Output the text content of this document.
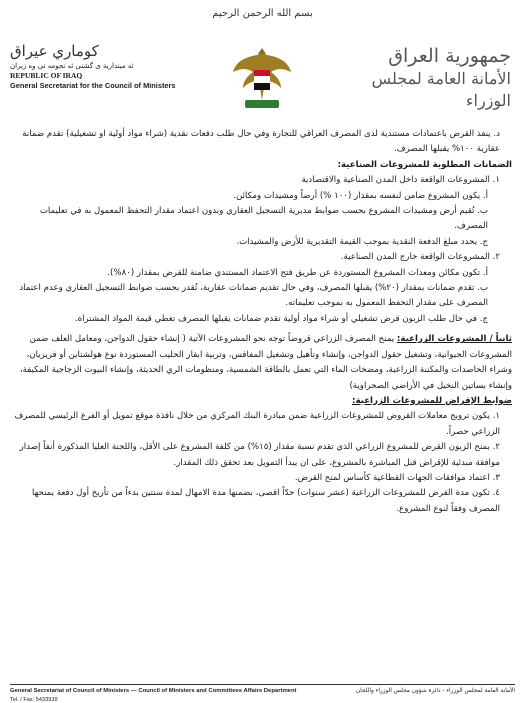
بسم الله الرحمن الرحيم
كوماري عيراق
ئه ميندارية ى گشتى ئه نجومه نى وه زيران
REPUBLIC OF IRAQ
General Secretariat for the Council of Ministers
جمهورية العراق
الأمانة العامة لمجلس الوزراء

د. ينفذ القرض باعتمادات مستندية لدى المصرف العراقي للتجارة وفي حال طلب دفعات نقدية (شراء مواد أولية او تشغيلية) تقدم ضمانة عقارية ١٠٠% يقبلها المصرف.

الضمانات المطلوبة للمشروعات الصناعية:

١. المشروعات الواقعة داخل المدن الصناعية والاقتصادية

أ. يكون المشروع ضامن لنفسه بمقدار (١٠٠ %) أرضاً ومشيدات ومكائن.

ب. تُقيم أرض ومشيدات المشروع بحسب ضوابط مديرية التسجيل العقاري وبدون اعتماد مقدار التحفظ المعمول به في تعليمات المصرف.

ج. يحدد مبلغ الدفعة النقدية بموجب القيمة التقديرية للأرض والمشيدات.

٢. المشروعات الواقعة خارج المدن الصناعية.

أ. تكون مكائن ومعدات المشروع المستوردة عن طريق فتح الاعتماد المستندي ضامنة للقرض بمقدار (٨٠%).

ب. تقدم ضمانات بمقدار (٢٠%) يقبلها المصرف، وفي حال تقديم ضمانات عقارية، تُقدر بحسب ضوابط التسجيل العقاري وعدم اعتماد المصرف على مقدار التحفظ المعمول به بموجب تعليماته.

ج. في حال طلب الزبون قرض تشغيلي أو شراء مواد أولية تقدم ضمانات يقبلها المصرف تغطي قيمة المواد المشتراة.

ثانياً / المشروعات الزراعية: يمنح المصرف الزراعي قروضاً توجه نحو المشروعات الآتية ( إنشاء حقول الدواجن، ومعامل العلف ضمن المشروعات الحيوانية، وتشغيل حقول الدواجن، وإنشاء وتأهيل وتشغيل المفاقس، وتربية ابقار الحليب المستوردة نوع هولشتاين أو فريزيان، وشراء الحاصدات والمكننة الزراعية، ومضخات الماء التي تعمل بالطاقة الشمسية، ومنظومات الري الحديثة، وإنشاء البيوت الزجاجية المكيفة، وإنشاء بساتين النخيل في الأراضي الصحراوية)

ضوابط الإقراض للمشروعات الزراعية:

١. يكون ترويج معاملات القروض للمشروعات الزراعية ضمن مبادرة البنك المركزي من خلال نافذة موقع تمويل أو الفرع الرئيسي للمصرف الزراعي حصراً.

٢. يمنح الزبون القرض للمشروع الزراعي الذي تقدم نسبة مقدار (١٥%) من كلفة المشروع على الأقل، واللجنة العليا المذكورة أنفاً إصدار موافقة مبدئية للإقراض قبل المباشرة بالمشروع، على ان يبدأ التمويل بعد تحقق ذلك المقدار.

٣. اعتماد موافقات الجهات القطاعية كأساس لمنح القرض.

٤. تكون مدة القرض للمشروعات الزراعية (عشر سنوات) حدّاً اقصى، بضمنها مدة الامهال لمدة سنتين بدءاً من تأريخ أول دفعة يمنحها المصرف وفقاً لنوع المشروع.

General Secretariat of Council of Ministers — Council of Ministers and Committees Affairs Department	الأمانة العامة لمجلس الوزراء - دائرة شؤون مجلس الوزراء واللجان
Tel. / Fax: 5433939
